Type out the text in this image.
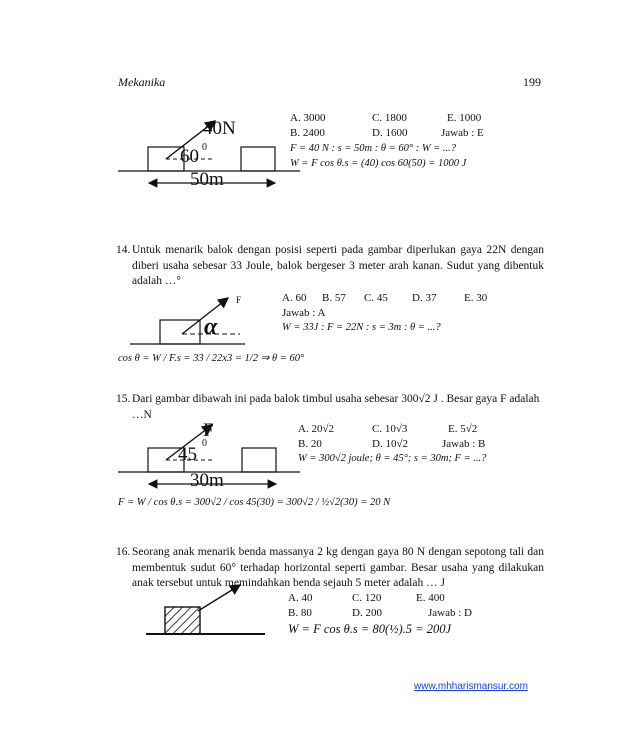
Mekanika	199
40N
60 0
50m
A. 3000	C. 1800	E. 1000
B. 2400	D. 1600	Jawab : E
F = 40 N : s = 50m : θ = 60° : W = ...?
W = F cos θ.s = (40) cos 60(50) = 1000 J
14. Untuk menarik balok dengan posisi seperti pada gambar diperlukan gaya 22N dengan diberi usaha sebesar 33 Joule, balok bergeser 3 meter arah kanan. Sudut yang dibentuk adalah …°
F
α
A. 60 B. 57 C. 45 D. 37	E. 30
Jawab : A
W = 33J : F = 22N : s = 3m : θ = ...?
cos θ = W / F.s = 33 / 22x3 = 1/2 ⇒ θ = 60°
15. Dari gambar dibawah ini pada balok timbul usaha sebesar 300√2 J . Besar gaya F adalah …N
F
45
0
30m
A. 20√2	C. 10√3	E. 5√2
B. 20	D. 10√2	Jawab : B
W = 300√2 joule; θ = 45°; s = 30m; F = ...?
F = W / cos θ.s = 300√2 / cos 45(30) = 300√2 / ½√2(30) = 20 N
16. Seorang anak menarik benda massanya 2 kg dengan gaya 80 N dengan sepotong tali dan membentuk sudut 60° terhadap horizontal seperti gambar. Besar usaha yang dilakukan anak tersebut untuk memindahkan benda sejauh 5 meter adalah … J
A. 40	C. 120	E. 400
B. 80	D. 200	Jawab : D
W = F cos θ.s = 80(½).5 = 200J
www.mhharismansur.com
